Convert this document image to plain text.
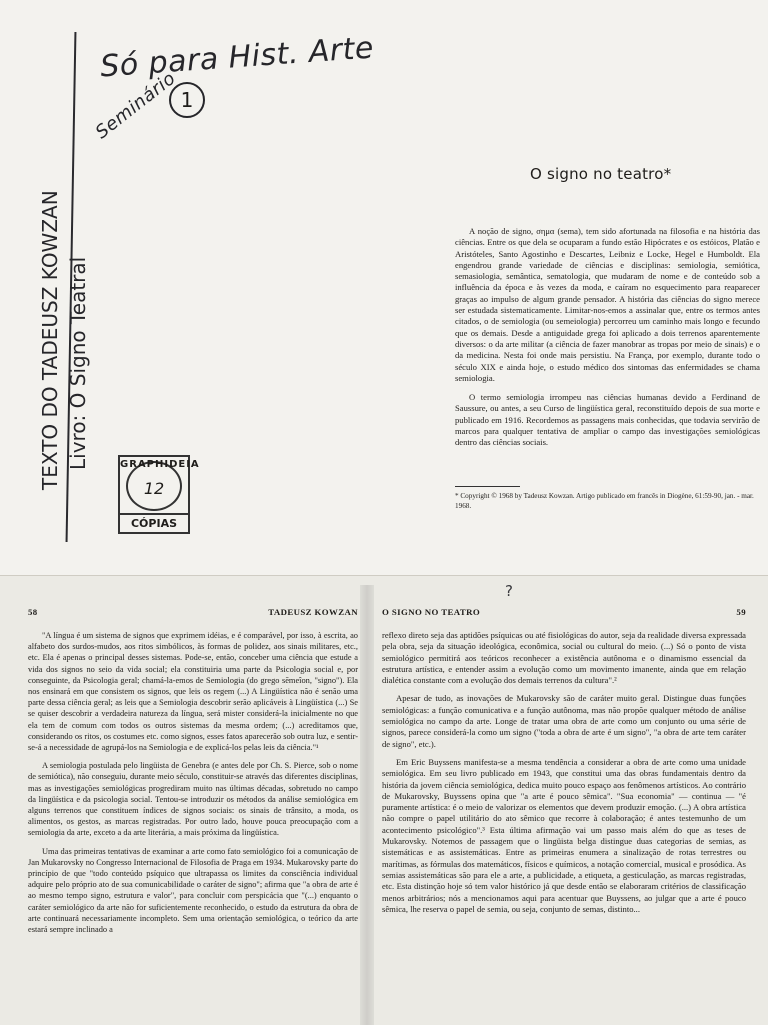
Só para Hist. Arte
Seminário 1
TEXTO DO TADEUSZ KOWZAN Livro: O Signo Teatral	GRAPHIDEIA
12
CÓPIAS
O signo no teatro*

A noção de signo, σημα (sema), tem sido afortunada na filosofia e na história das ciências. Entre os que dela se ocuparam a fundo estão Hipócrates e os estóicos, Platão e Aristóteles, Santo Agostinho e Descartes, Leibniz e Locke, Hegel e Humboldt. Ela engendrou grande variedade de ciências e disciplinas: semiologia, semiótica, semasiologia, semântica, sematologia, que mudaram de nome e de conteúdo sob a influência da época e às vezes da moda, e caíram no esquecimento para reaparecer graças ao impulso de algum grande pensador. A história das ciências do signo merece ser estudada sistematicamente. Limitar-nos-emos a assinalar que, entre os termos antes citados, o de semiologia (ou semeiologia) percorreu um caminho mais longo e fecundo que os demais. Desde a antiguidade grega foi aplicado a dois terrenos aparentemente diversos: o da arte militar (a ciência de fazer manobrar as tropas por meio de sinais) e o da medicina. Nesta foi onde mais persistiu. Na França, por exemplo, durante todo o século XIX e ainda hoje, o estudo médico dos sintomas das enfermidades se chama semiologia.

O termo semiologia irrompeu nas ciências humanas devido a Ferdinand de Saussure, ou antes, a seu Curso de lingüística geral, reconstituído depois de sua morte e publicado em 1916. Recordemos as passagens mais conhecidas, que todavia servirão de marcos para qualquer tentativa de ampliar o campo das investigações semiológicas dentro das ciências sociais.

* Copyright © 1968 by Tadeusz Kowzan. Artigo publicado em francês in Diogène, 61:59-90, jan. - mar. 1968.
58	TADEUSZ KOWZAN

"A língua é um sistema de signos que exprimem idéias, e é comparável, por isso, à escrita, ao alfabeto dos surdos-mudos, aos ritos simbólicos, às formas de polidez, aos sinais militares, etc., etc. Ela é apenas o principal desses sistemas. Pode-se, então, conceber uma ciência que estude a vida dos signos no seio da vida social; ela constituiria uma parte da Psicologia social e, por conseguinte, da Psicologia geral; chamá-la-emos de Semiologia (do grego sēmeîon, "signo"). Ela nos ensinará em que consistem os signos, que leis os regem (...) A Lingüística não é senão uma parte dessa ciência geral; as leis que a Semiologia descobrir serão aplicáveis à Lingüística (...) Se se quiser descobrir a verdadeira natureza da língua, será mister considerá-la inicialmente no que ela tem de comum com todos os outros sistemas da mesma ordem; (...) acreditamos que, considerando os ritos, os costumes etc. como signos, esses fatos aparecerão sob outra luz, e sentir-se-á a necessidade de agrupá-los na Semiologia e de explicá-los pelas leis da ciência."¹

A semiologia postulada pelo lingüista de Genebra (e antes dele por Ch. S. Pierce, sob o nome de semiótica), não conseguiu, durante meio século, constituir-se através das diferentes disciplinas, mas as investigações semiológicas progrediram muito nas últimas décadas, sobretudo no campo da lingüística e da psicologia social. Tentou-se introduzir os métodos da análise semiológica em alguns terrenos que constituem índices de signos sociais: os sinais de trânsito, a moda, os alimentos, os gestos, as marcas registradas. Por outro lado, houve pouca preocupação com a semiologia da arte, exceto a da arte literária, a mais próxima da lingüística.

Uma das primeiras tentativas de examinar a arte como fato semiológico foi a comunicação de Jan Mukarovsky no Congresso Internacional de Filosofia de Praga em 1934. Mukarovsky parte do princípio de que "todo conteúdo psíquico que ultrapassa os limites da consciência individual adquire pelo próprio ato de sua comunicabilidade o caráter de signo"; afirma que "a obra de arte é ao mesmo tempo signo, estrutura e valor", para concluir com perspicácia que "(...) enquanto o caráter semiológico da arte não for suficientemente reconhecido, o estudo da estrutura da obra de arte continuará necessariamente incompleto. Sem uma orientação semiológica, o teórico da arte estará sempre inclinado a

?
O SIGNO NO TEATRO	59

reflexo direto seja das aptidões psíquicas ou até fisiológicas do autor, seja da realidade diversa expressada pela obra, seja da situação ideológica, econômica, social ou cultural do meio. (...) Só o ponto de vista semiológico permitirá aos teóricos reconhecer a existência autônoma e o dinamismo essencial da estrutura artística, e entender assim a evolução como um movimento imanente, ainda que em relação dialética constante com a evolução dos demais terrenos da cultura".²

Apesar de tudo, as inovações de Mukarovsky são de caráter muito geral. Distingue duas funções semiológicas: a função comunicativa e a função autônoma, mas não propõe qualquer método de análise semiológica no campo da arte. Longe de tratar uma obra de arte como um conjunto ou uma série de signos, parece considerá-la como um signo ("toda a obra de arte é um signo", "a obra de arte tem caráter de signo", etc.).

Em Eric Buyssens manifesta-se a mesma tendência a considerar a obra de arte como uma unidade semiológica. Em seu livro publicado em 1943, que constitui uma das obras fundamentais dentro da história da jovem ciência semiológica, dedica muito pouco espaço aos fenômenos artísticos. Ao contrário de Mukarovsky, Buyssens opina que "a arte é pouco sêmica". "Sua economia" — continua — "é puramente artística: é o meio de valorizar os elementos que devem produzir emoção. (...) A obra artística não compre o papel utilitário do ato sêmico que recorre à colaboração; é antes testemunho de um acontecimento psicológico".³ Esta última afirmação vai um passo mais além do que as teses de Mukarovsky. Notemos de passagem que o lingüista belga distingue duas categorias de semias, as sistemáticas e as assistemáticas. Entre as primeiras enumera a sinalização de rotas terrestres ou marítimas, as fórmulas dos matemáticos, físicos e químicos, a notação comercial, musical e prosódica. As semias assistemáticas são para ele a arte, a publicidade, a etiqueta, a gesticulação, as marcas registradas, etc. Esta distinção hoje só tem valor histórico já que desde então se elaboraram critérios de classificação menos arbitrários; nós a mencionamos aqui para acentuar que Buyssens, ao julgar que a arte é pouco sêmica, lhe reserva o papel de semia, ou seja, conjunto de semas, distinto...
